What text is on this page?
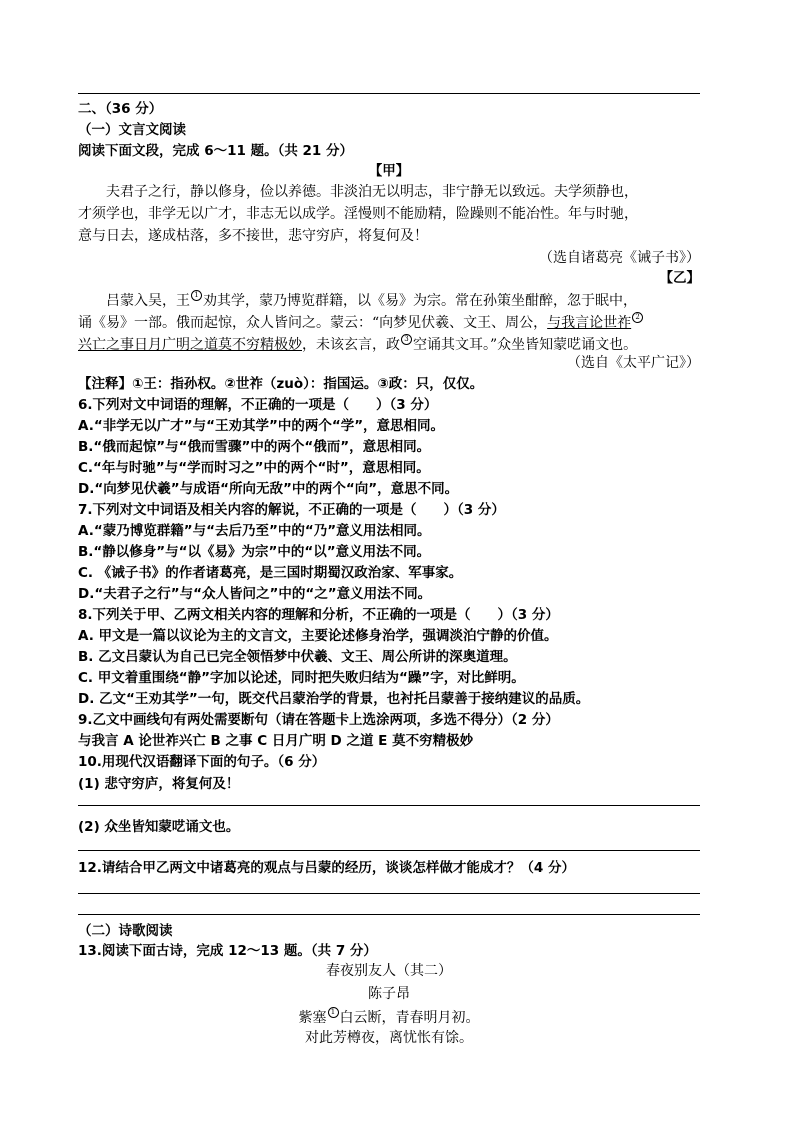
二、（36 分）
（一）文言文阅读
阅读下面文段，完成 6～11 题。（共 21 分）
【甲】
夫君子之行，静以修身，俭以养德。非淡泊无以明志，非宁静无以致远。夫学须静也，
才须学也，非学无以广才，非志无以成学。淫慢则不能励精，险躁则不能冶性。年与时驰，
意与日去，遂成枯落，多不接世，悲守穷庐，将复何及！
（选自诸葛亮《诫子书》）
【乙】
吕蒙入吴，王 1 劝其学，蒙乃博览群籍，以《易》为宗。常在孙策坐酣醉，忽于眠中，
诵《易》一部。俄而起惊，众人皆问之。蒙云：“向梦见伏羲、文王、周公，与我言论世祚 2
兴亡之事日月广明之道莫不穷精极妙，未该玄言，政 3 空诵其文耳。”众坐皆知蒙呓诵文也。
（选自《太平广记》）
【注释】①王：指孙权。②世祚（zuò）：指国运。③政：只，仅仅。
6.下列对文中词语的理解，不正确的一项是（　　）（3 分）
A.“非学无以广才”与“王劝其学”中的两个“学”，意思相同。
B.“俄而起惊”与“俄而雪骤”中的两个“俄而”，意思相同。
C.“年与时驰”与“学而时习之”中的两个“时”，意思相同。
D.“向梦见伏羲”与成语“所向无敌”中的两个“向”，意思不同。
7.下列对文中词语及相关内容的解说，不正确的一项是（　　）（3 分）
A.“蒙乃博览群籍”与“去后乃至”中的“乃”意义用法相同。
B.“静以修身”与“以《易》为宗”中的“以”意义用法不同。
C. 《诫子书》的作者诸葛亮，是三国时期蜀汉政治家、军事家。
D.“夫君子之行”与“众人皆问之”中的“之”意义用法不同。
8.下列关于甲、乙两文相关内容的理解和分析，不正确的一项是（　　）（3 分）
A. 甲文是一篇以议论为主的文言文，主要论述修身治学，强调淡泊宁静的价值。
B. 乙文吕蒙认为自己已完全领悟梦中伏羲、文王、周公所讲的深奥道理。
C. 甲文着重围绕“静”字加以论述，同时把失败归结为“躁”字，对比鲜明。
D. 乙文“王劝其学”一句，既交代吕蒙治学的背景，也衬托吕蒙善于接纳建议的品质。
9.乙文中画线句有两处需要断句（请在答题卡上选涂两项，多选不得分）（2 分）
与我言 A 论世祚兴亡 B 之事 C 日月广明 D 之道 E 莫不穷精极妙
10.用现代汉语翻译下面的句子。（6 分）
(1) 悲守穷庐，将复何及！
(2) 众坐皆知蒙呓诵文也。
12.请结合甲乙两文中诸葛亮的观点与吕蒙的经历，谈谈怎样做才能成才？（4 分）
（二）诗歌阅读
13.阅读下面古诗，完成 12～13 题。（共 7 分）
春夜别友人（其二）
陈子昂
紫塞 1 白云断，青春明月初。
对此芳樽夜，离忧怅有馀。
